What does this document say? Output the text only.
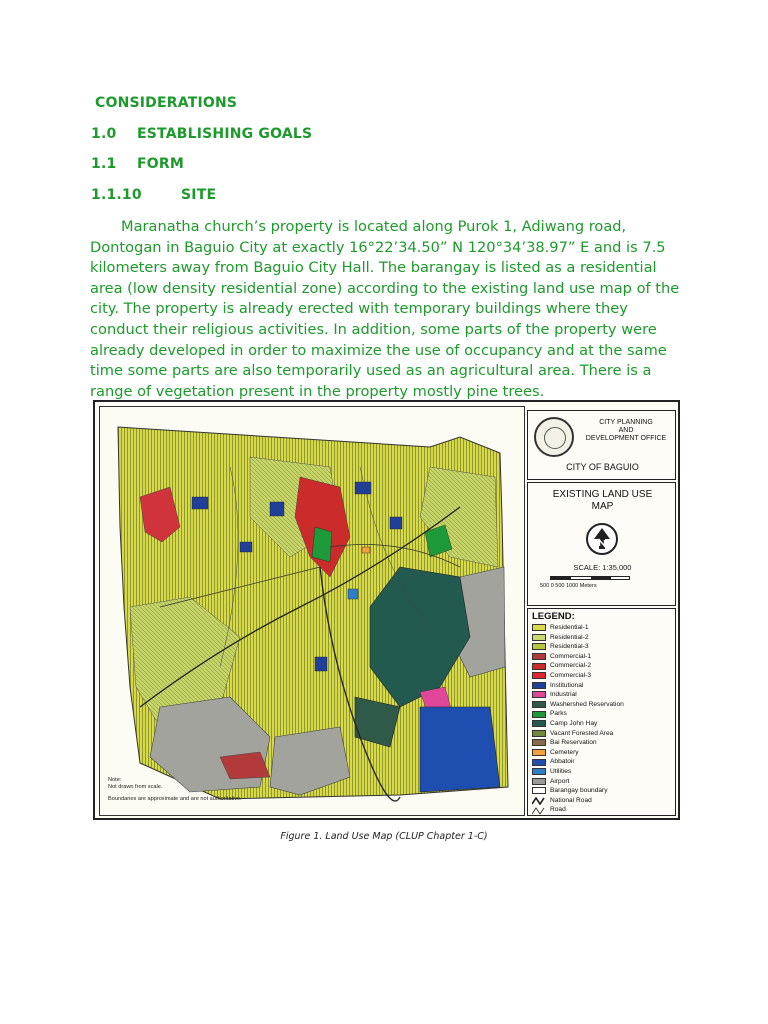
CONSIDERATIONS
1.0 ESTABLISHING GOALS
1.1 FORM
1.1.10	SITE
Maranatha church’s property is located along Purok 1, Adiwang road,
Dontogan in Baguio City at exactly 16°22’34.50” N 120°34’38.97” E and is 7.5
kilometers away from Baguio City Hall. The barangay is listed as a residential
area (low density residential zone) according to the existing land use map of the
city. The property is already erected with temporary buildings where they
conduct their religious activities. In addition, some parts of the property were
already developed in order to maximize the use of occupancy and at the same
time some parts are also temporarily used as an agricultural area. There is a
range of vegetation present in the property mostly pine trees.
Note:
Not drawn from scale.
Boundaries are approximate and are not authoritative.
CITY PLANNING
AND
DEVELOPMENT OFFICE
CITY OF BAGUIO
EXISTING LAND USE
MAP
SCALE: 1:35,000
500 0 500 1000 Meters
LEGEND:
Residential-1
Residential-2
Residential-3
Commercial-1
Commercial-2
Commercial-3
Institutional
Industrial
Washershed Reservation
Parks
Camp John Hay
Vacant Forested Area
Bai Reservation
Cemetery
Abbatoir
Utilities
Airport
Barangay boundary
National Road
Road
Figure 1. Land Use Map (CLUP Chapter 1-C)
